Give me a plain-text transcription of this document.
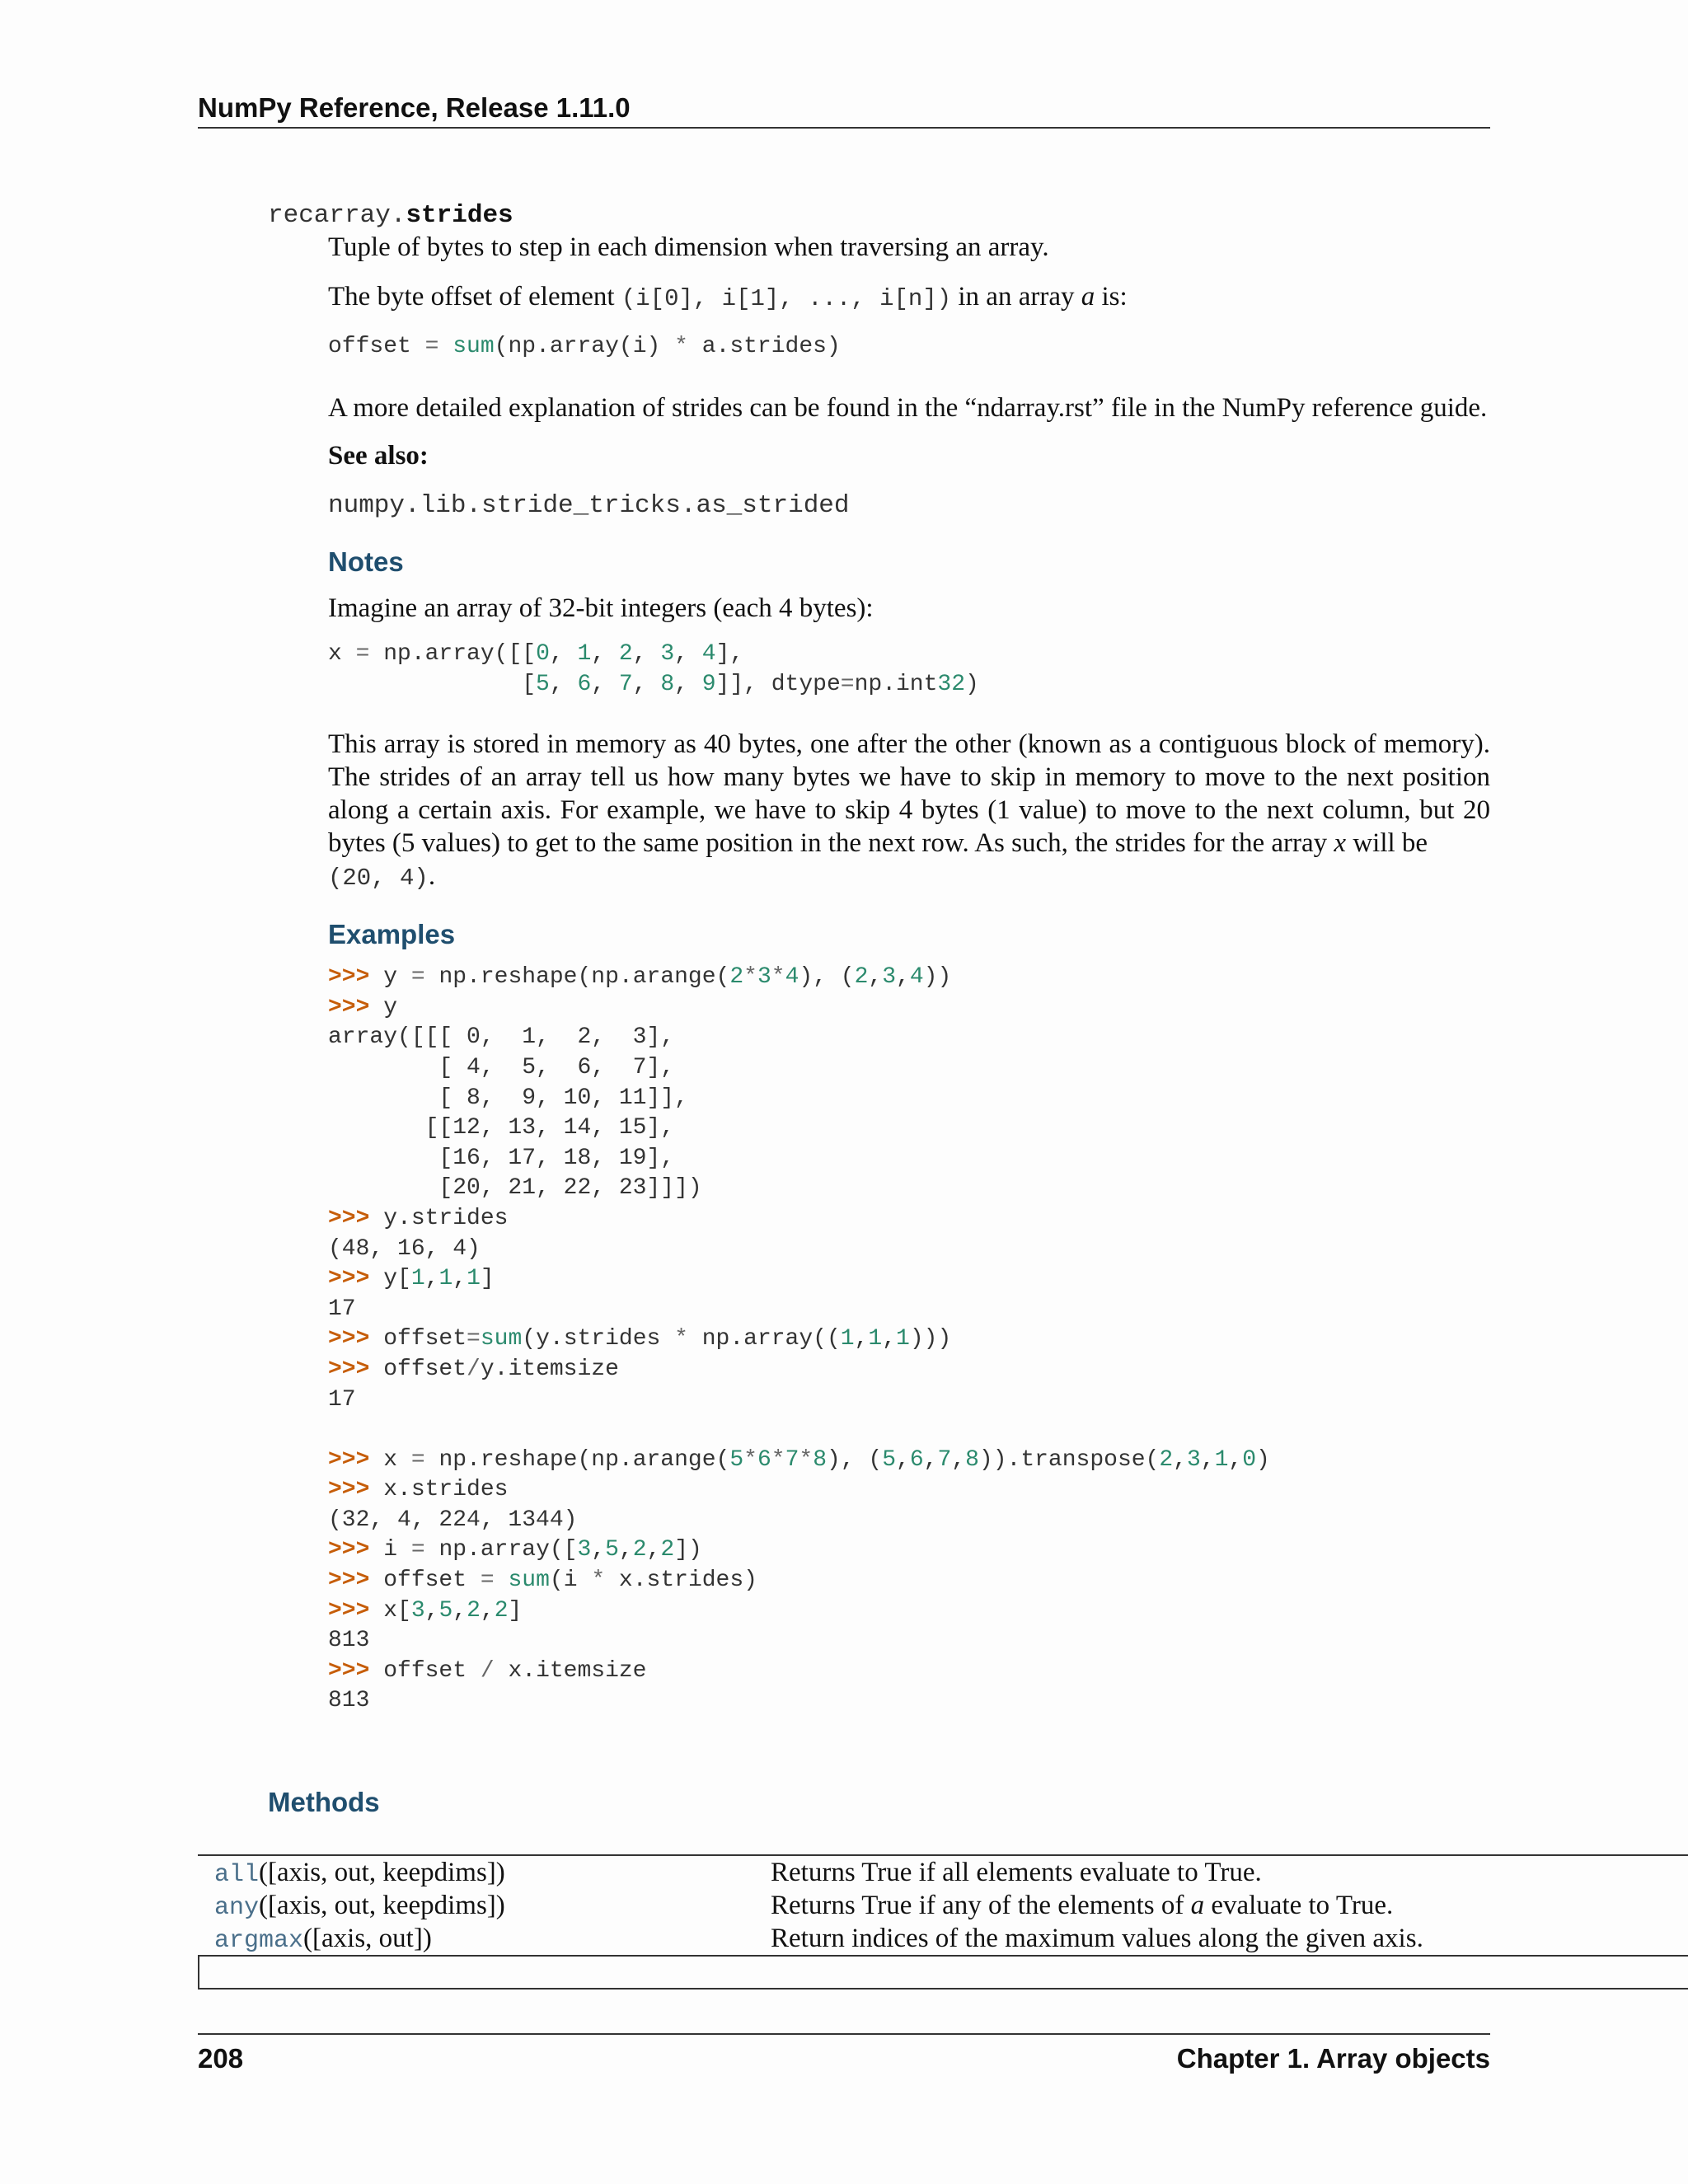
NumPy Reference, Release 1.11.0
recarray.strides

Tuple of bytes to step in each dimension when traversing an array.

The byte offset of element (i[0], i[1], ..., i[n]) in an array a is:

offset = sum(np.array(i) * a.strides)

A more detailed explanation of strides can be found in the “ndarray.rst” file in the NumPy reference guide.

See also:

numpy.lib.stride_tricks.as_strided
Notes

Imagine an array of 32-bit integers (each 4 bytes):

x = np.array([[0, 1, 2, 3, 4],
[5, 6, 7, 8, 9]], dtype=np.int32)

This array is stored in memory as 40 bytes, one after the other (known as a contiguous block of memory). The strides of an array tell us how many bytes we have to skip in memory to move to the next position along a certain axis. For example, we have to skip 4 bytes (1 value) to move to the next column, but 20 bytes (5 values) to get to the same position in the next row. As such, the strides for the array x will be
(20, 4).

Examples
>>> y = np.reshape(np.arange(2*3*4), (2,3,4))
>>> y
array([[[ 0,  1,  2,  3],
[ 4,  5,  6,  7],
[ 8,  9, 10, 11]],
[[12, 13, 14, 15],
[16, 17, 18, 19],
[20, 21, 22, 23]]])
>>> y.strides
(48, 16, 4)
>>> y[1,1,1]
17
>>> offset=sum(y.strides * np.array((1,1,1)))
>>> offset/y.itemsize
17
>>> x = np.reshape(np.arange(5*6*7*8), (5,6,7,8)).transpose(2,3,1,0)
>>> x.strides
(32, 4, 224, 1344)
>>> i = np.array([3,5,2,2])
>>> offset = sum(i * x.strides)
>>> x[3,5,2,2]
813
>>> offset / x.itemsize
813
Methods
all([axis, out, keepdims])	Returns True if all elements evaluate to True.
any([axis, out, keepdims])	Returns True if any of the elements of a evaluate to True.
argmax([axis, out])	Return indices of the maximum values along the given axis.
208	Chapter 1. Array objects
